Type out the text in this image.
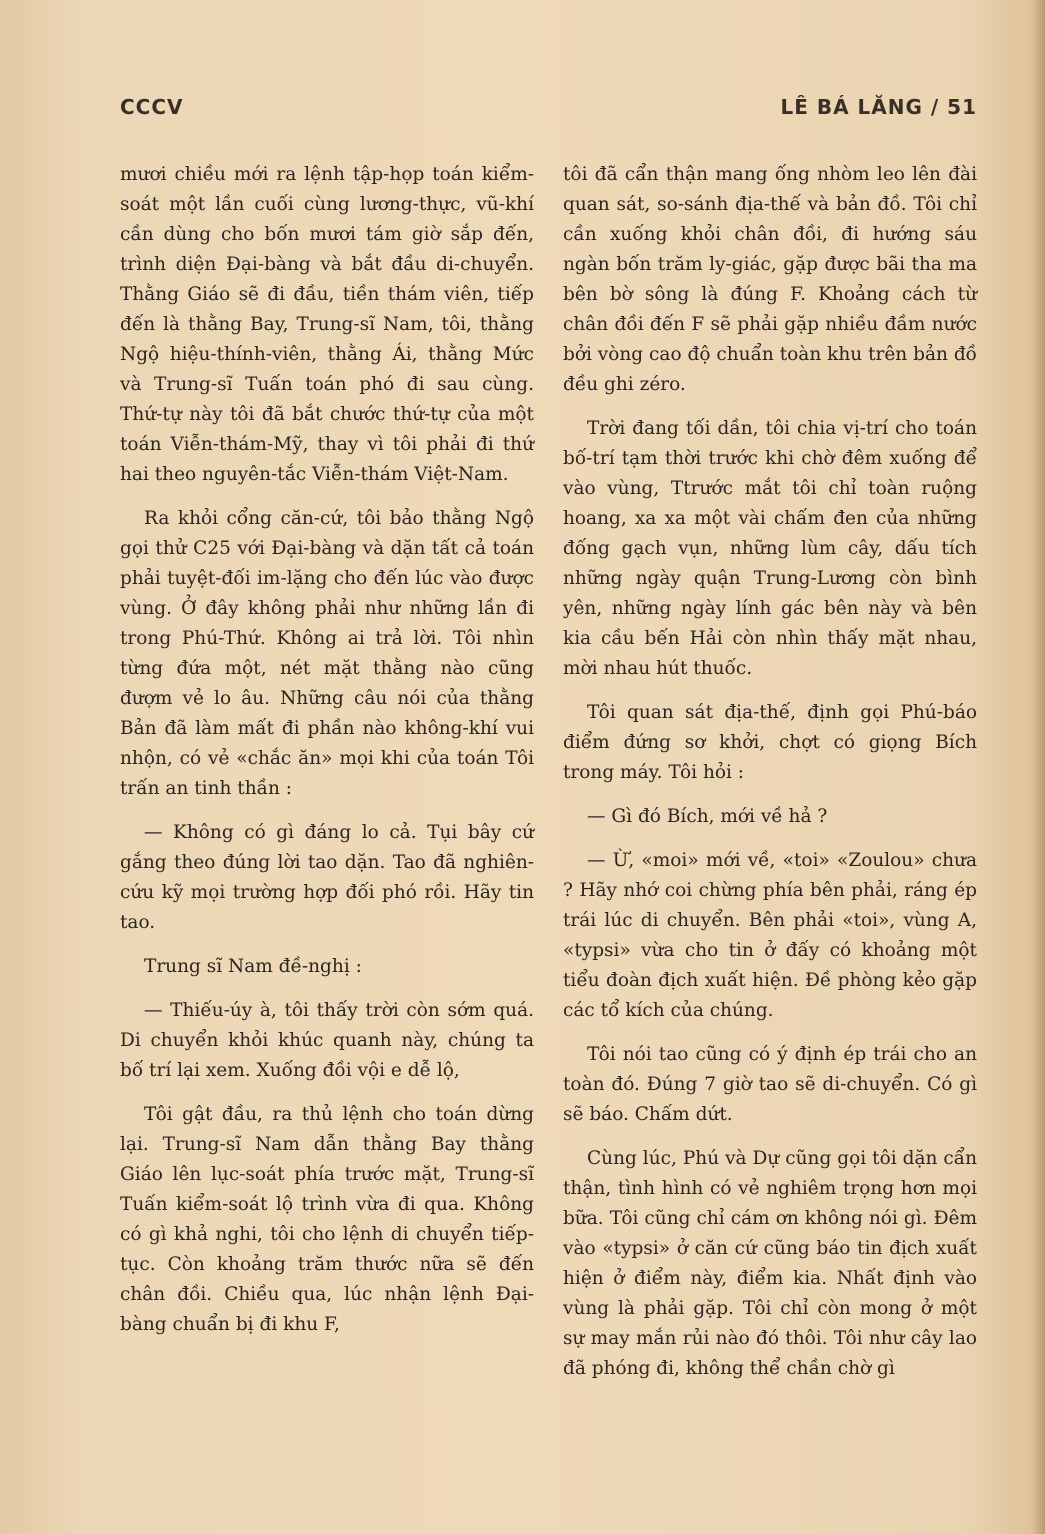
CCCV	LÊ BÁ LĂNG / 51

mươi chiều mới ra lệnh tập-họp toán kiểm-soát một lần cuối cùng lương-thực, vũ-khí cần dùng cho bốn mươi tám giờ sắp đến, trình diện Đại-bàng và bắt đầu di-chuyển. Thằng Giáo sẽ đi đầu, tiền thám viên, tiếp đến là thằng Bay, Trung-sĩ Nam, tôi, thằng Ngộ hiệu-thính-viên, thằng Ái, thằng Mức và Trung-sĩ Tuấn toán phó đi sau cùng. Thứ-tự này tôi đã bắt chước thứ-tự của một toán Viễn-thám-Mỹ, thay vì tôi phải đi thứ hai theo nguyên-tắc Viễn-thám Việt-Nam.

Ra khỏi cổng căn-cứ, tôi bảo thằng Ngộ gọi thử C25 với Đại-bàng và dặn tất cả toán phải tuyệt-đối im-lặng cho đến lúc vào được vùng. Ở đây không phải như những lần đi trong Phú-Thứ. Không ai trả lời. Tôi nhìn từng đứa một, nét mặt thằng nào cũng đượm vẻ lo âu. Những câu nói của thằng Bản đã làm mất đi phần nào không-khí vui nhộn, có vẻ «chắc ăn» mọi khi của toán Tôi trấn an tinh thần :

— Không có gì đáng lo cả. Tụi bây cứ gắng theo đúng lời tao dặn. Tao đã nghiên-cứu kỹ mọi trường hợp đối phó rồi. Hãy tin tao.

Trung sĩ Nam đề-nghị :

— Thiếu-úy à, tôi thấy trời còn sớm quá. Di chuyển khỏi khúc quanh này, chúng ta bố trí lại xem. Xuống đồi vội e dễ lộ,

Tôi gật đầu, ra thủ lệnh cho toán dừng lại. Trung-sĩ Nam dẫn thằng Bay thằng Giáo lên lục-soát phía trước mặt, Trung-sĩ Tuấn kiểm-soát lộ trình vừa đi qua. Không có gì khả nghi, tôi cho lệnh di chuyển tiếp-tục. Còn khoảng trăm thước nữa sẽ đến chân đồi. Chiều qua, lúc nhận lệnh Đại-bàng chuẩn bị đi khu F,

tôi đã cẩn thận mang ống nhòm leo lên đài quan sát, so-sánh địa-thế và bản đồ. Tôi chỉ cần xuống khỏi chân đồi, đi hướng sáu ngàn bốn trăm ly-giác, gặp được bãi tha ma bên bờ sông là đúng F. Khoảng cách từ chân đồi đến F sẽ phải gặp nhiều đầm nước bởi vòng cao độ chuẩn toàn khu trên bản đồ đều ghi zéro.

Trời đang tối dần, tôi chia vị-trí cho toán bố-trí tạm thời trước khi chờ đêm xuống để vào vùng, Ttrước mắt tôi chỉ toàn ruộng hoang, xa xa một vài chấm đen của những đống gạch vụn, những lùm cây, dấu tích những ngày quận Trung-Lương còn bình yên, những ngày lính gác bên này và bên kia cầu bến Hải còn nhìn thấy mặt nhau, mời nhau hút thuốc.

Tôi quan sát địa-thế, định gọi Phú-báo điểm đứng sơ khởi, chợt có giọng Bích trong máy. Tôi hỏi :

— Gì đó Bích, mới về hả ?

— Ừ, «moi» mới về, «toi» «Zoulou» chưa ? Hãy nhớ coi chừng phía bên phải, ráng ép trái lúc di chuyển. Bên phải «toi», vùng A, «typsi» vừa cho tin ở đấy có khoảng một tiểu đoàn địch xuất hiện. Đề phòng kẻo gặp các tổ kích của chúng.

Tôi nói tao cũng có ý định ép trái cho an toàn đó. Đúng 7 giờ tao sẽ di-chuyển. Có gì sẽ báo. Chấm dứt.

Cùng lúc, Phú và Dự cũng gọi tôi dặn cẩn thận, tình hình có vẻ nghiêm trọng hơn mọi bữa. Tôi cũng chỉ cám ơn không nói gì. Đêm vào «typsi» ở căn cứ cũng báo tin địch xuất hiện ở điểm này, điểm kia. Nhất định vào vùng là phải gặp. Tôi chỉ còn mong ở một sự may mắn rủi nào đó thôi. Tôi như cây lao đã phóng đi, không thể chần chờ gì
